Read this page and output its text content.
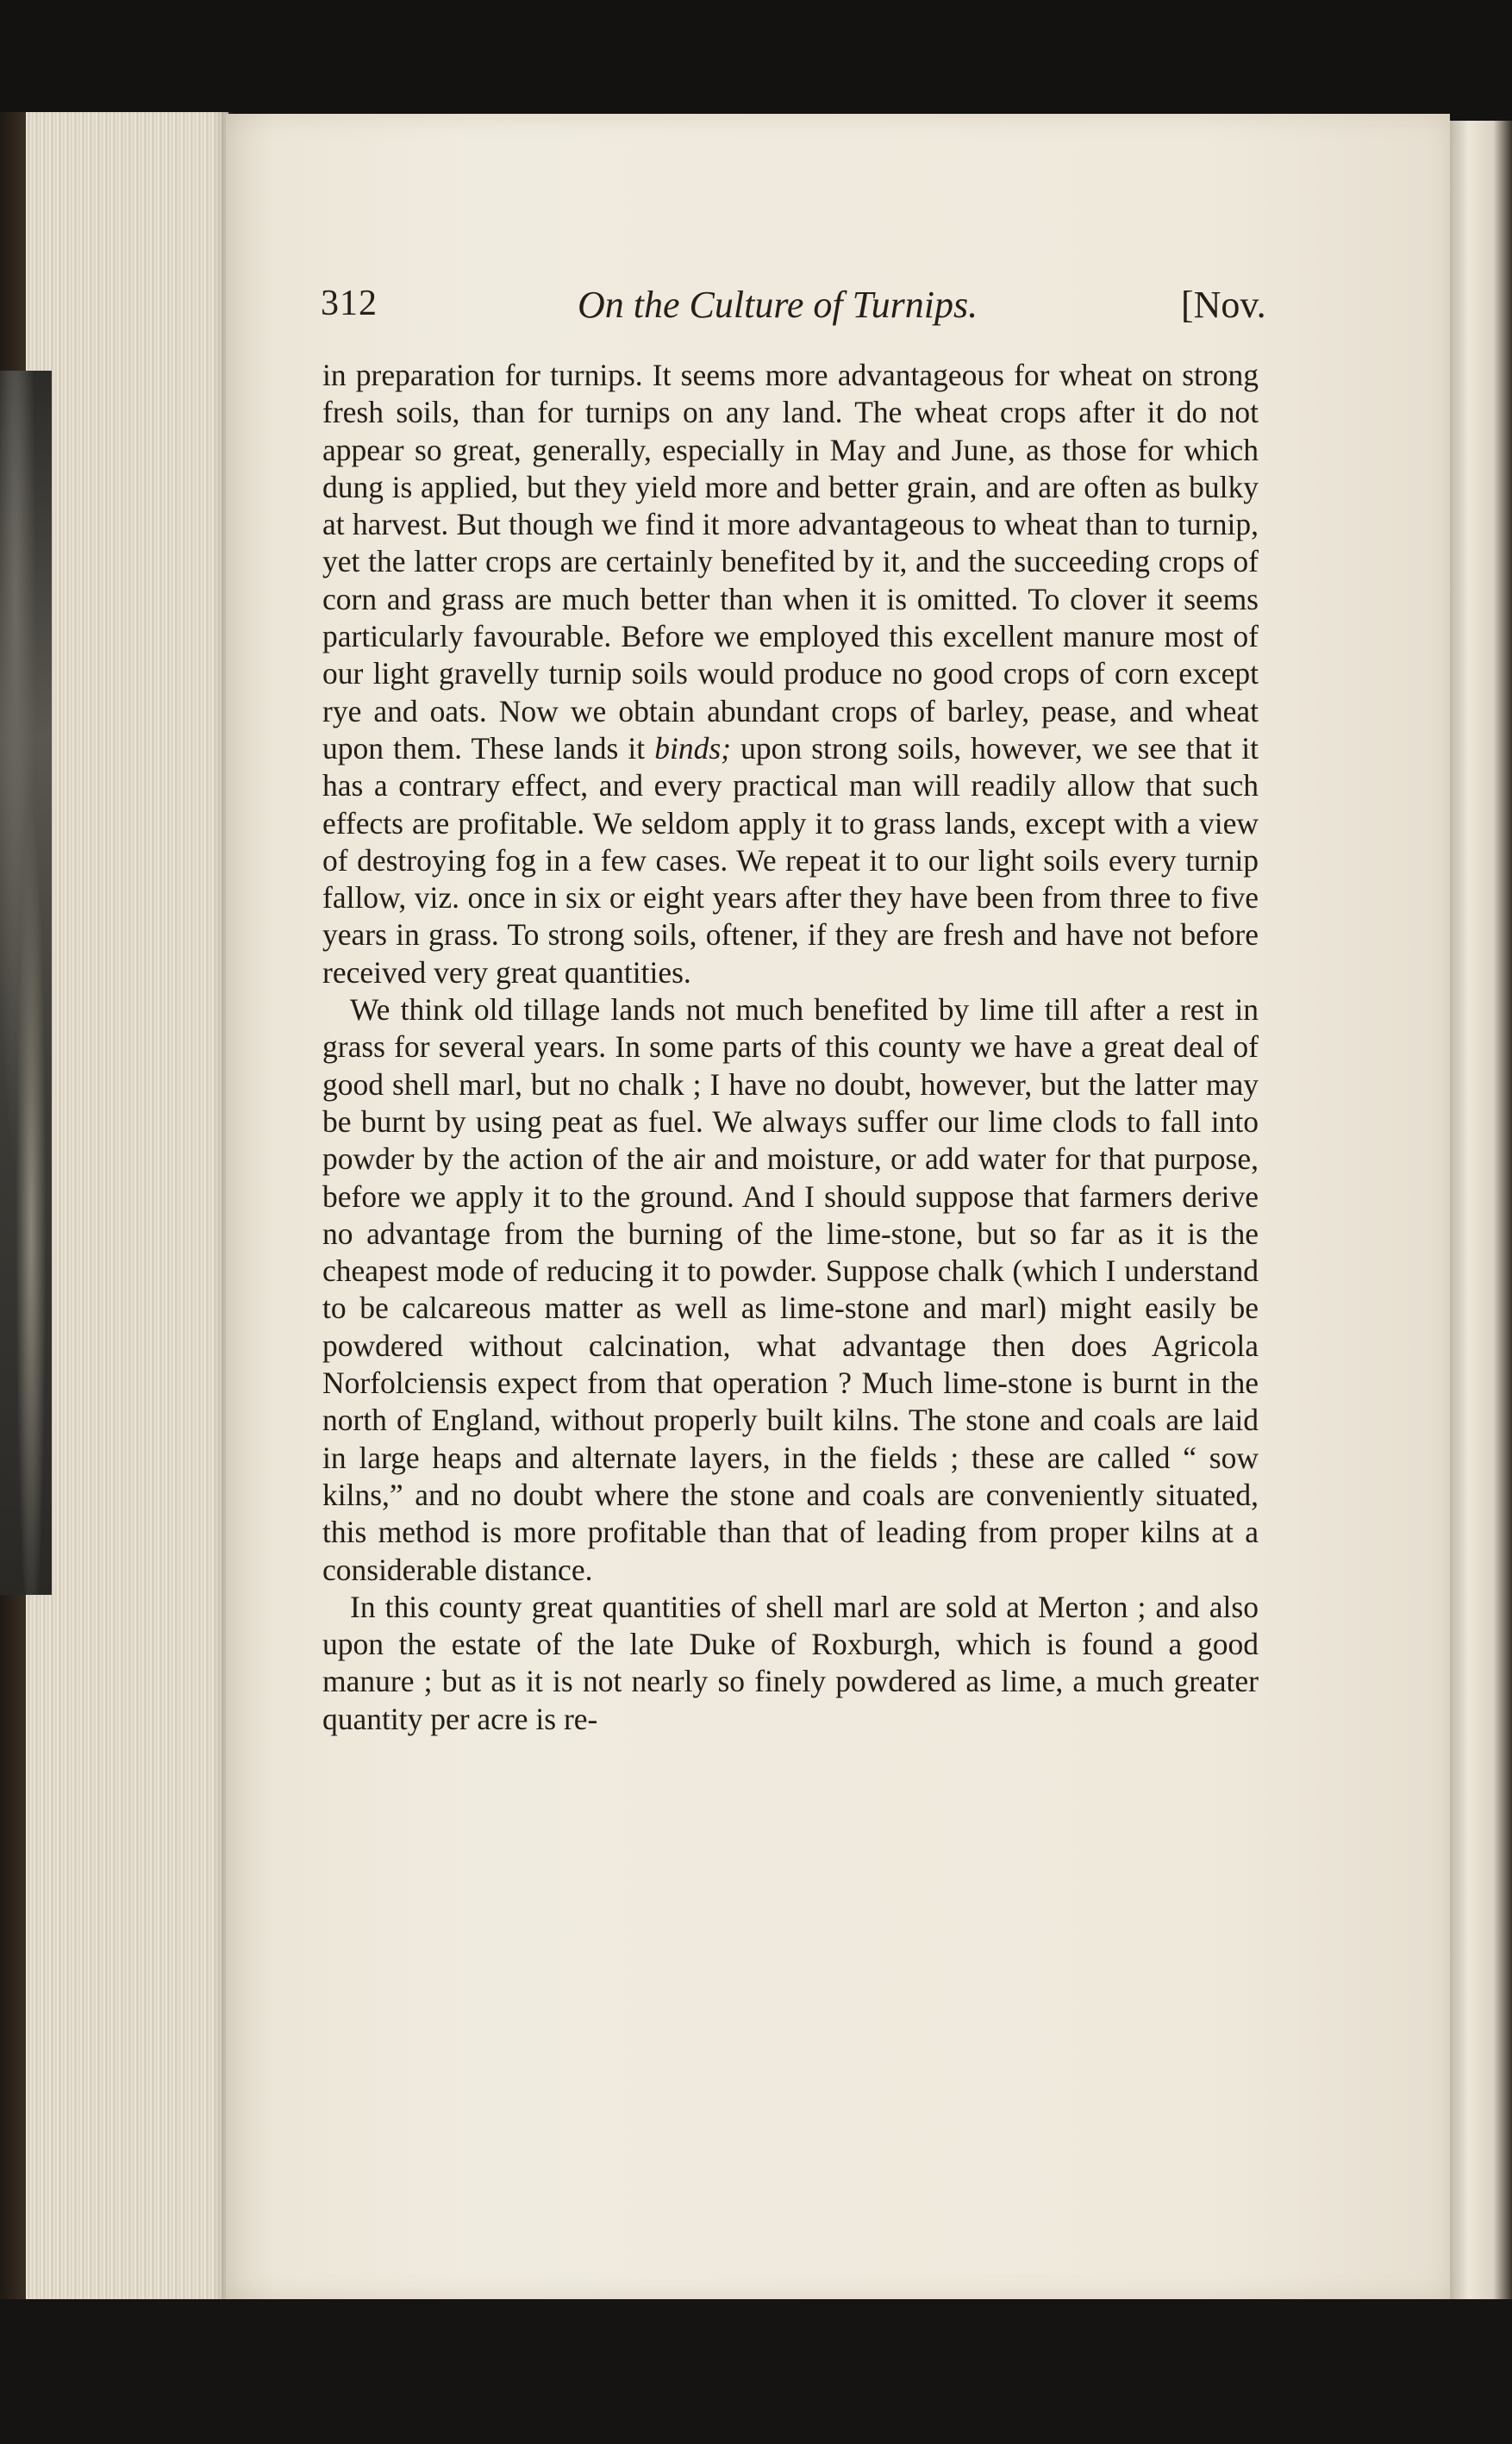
312	On the Culture of Turnips.	[Nov.

in preparation for turnips. It seems more advantageous for wheat on strong fresh soils, than for turnips on any land. The wheat crops after it do not appear so great, generally, especially in May and June, as those for which dung is applied, but they yield more and better grain, and are often as bulky at harvest. But though we find it more advantageous to wheat than to turnip, yet the latter crops are certainly benefited by it, and the succeeding crops of corn and grass are much better than when it is omitted. To clover it seems particularly favourable. Before we employed this excellent manure most of our light gravelly turnip soils would produce no good crops of corn except rye and oats. Now we obtain abundant crops of barley, pease, and wheat upon them. These lands it binds; upon strong soils, however, we see that it has a contrary effect, and every practical man will readily allow that such effects are profitable. We seldom apply it to grass lands, except with a view of destroying fog in a few cases. We repeat it to our light soils every turnip fallow, viz. once in six or eight years after they have been from three to five years in grass. To strong soils, oftener, if they are fresh and have not before received very great quantities.

We think old tillage lands not much benefited by lime till after a rest in grass for several years. In some parts of this county we have a great deal of good shell marl, but no chalk ; I have no doubt, however, but the latter may be burnt by using peat as fuel. We always suffer our lime clods to fall into powder by the action of the air and moisture, or add water for that purpose, before we apply it to the ground. And I should suppose that farmers derive no advantage from the burning of the lime-stone, but so far as it is the cheapest mode of reducing it to powder. Suppose chalk (which I understand to be calcareous matter as well as lime-stone and marl) might easily be powdered without calcination, what advantage then does Agricola Norfolciensis expect from that operation ? Much lime-stone is burnt in the north of England, without properly built kilns. The stone and coals are laid in large heaps and alternate layers, in the fields ; these are called “ sow kilns,” and no doubt where the stone and coals are conveniently situated, this method is more profitable than that of leading from proper kilns at a considerable distance.

In this county great quantities of shell marl are sold at Merton ; and also upon the estate of the late Duke of Roxburgh, which is found a good manure ; but as it is not nearly so finely powdered as lime, a much greater quantity per acre is re-
